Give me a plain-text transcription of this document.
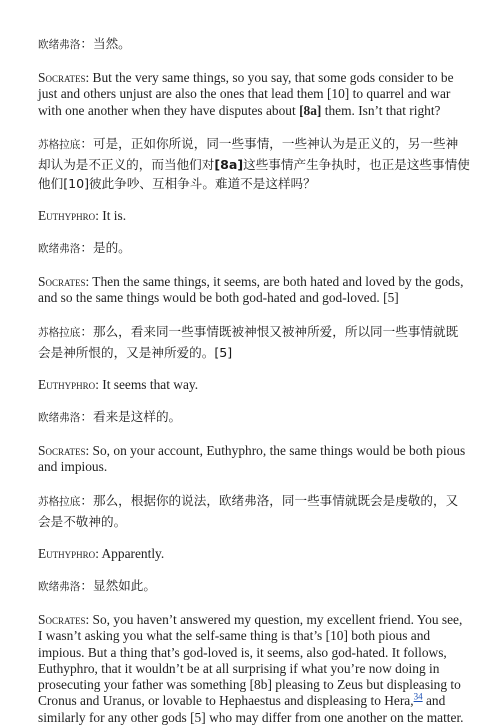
欧绪弗洛：当然。

Socrates: But the very same things, so you say, that some gods consider to be just and others unjust are also the ones that lead them [10] to quarrel and war with one another when they have disputes about [8a] them. Isn’t that right?

苏格拉底：可是，正如你所说，同一些事情，一些神认为是正义的，另一些神却认为是不正义的，而当他们对[8a]这些事情产生争执时，也正是这些事情使他们[10]彼此争吵、互相争斗。难道不是这样吗？

Euthyphro: It is.

欧绪弗洛：是的。

Socrates: Then the same things, it seems, are both hated and loved by the gods, and so the same things would be both god-hated and god-loved. [5]

苏格拉底：那么，看来同一些事情既被神恨又被神所爱，所以同一些事情就既会是神所恨的，又是神所爱的。[5]

Euthyphro: It seems that way.

欧绪弗洛：看来是这样的。

Socrates: So, on your account, Euthyphro, the same things would be both pious and impious.

苏格拉底：那么，根据你的说法，欧绪弗洛，同一些事情就既会是虔敬的，又会是不敬神的。

Euthyphro: Apparently.

欧绪弗洛：显然如此。

Socrates: So, you haven’t answered my question, my excellent friend. You see, I wasn’t asking you what the self-same thing is that’s [10] both pious and impious. But a thing that’s god-loved is, it seems, also god-hated. It follows, Euthyphro, that it wouldn’t be at all surprising if what you’re now doing in prosecuting your father was something [8b] pleasing to Zeus but displeasing to Cronus and Uranus, or lovable to Hephaestus and displeasing to Hera,$^{34}$ and similarly for any other gods [5] who may differ from one another on the matter.
